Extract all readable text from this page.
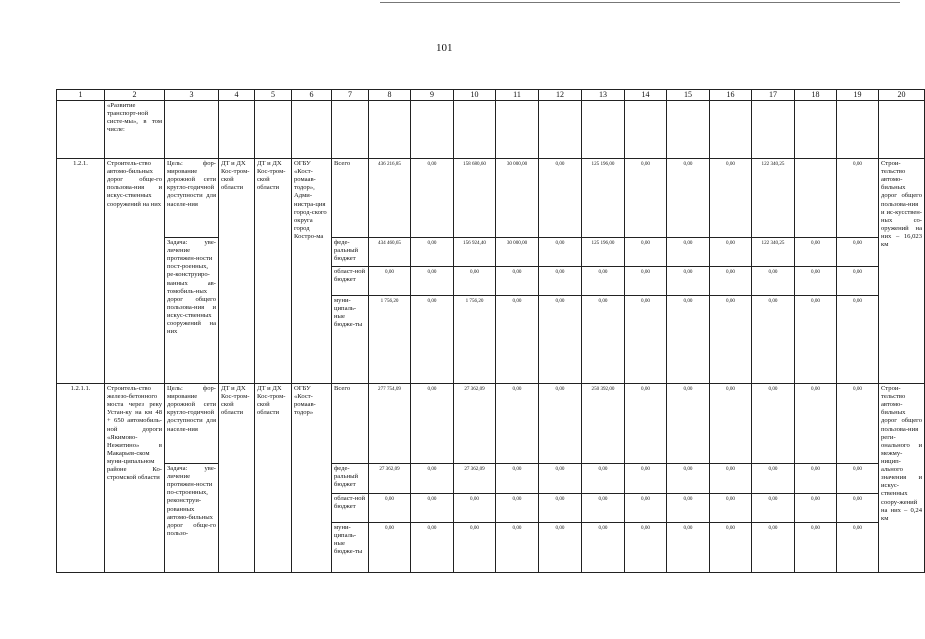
101
1	2	3	4	5	6	7	8	9	10	11	12	13	14	15	16	17	18	19	20
	«Развитие транспорт-ной систе-мы», в том числе:																		
1.2.1.	Строитель-ство автомо-бильных дорог обще-го пользова-ния и искус-ственных сооружений на них	Цель: фор-мирование дорожной сети кругло-годичной доступности для населе-ния	ДТ и ДХ Кос-тром-ской области	ДТ и ДХ Кос-тром-ской области	ОГБУ «Кост-ромаав-тодор», Адми-нистра-ция город-ского округа город Костро-ма	Всего	436 216,85	0,00	158 680,60	30 000,00	0,00	125 196,00	0,00	0,00	0,00	122 340,25		0,00	Строи-тельство автомо-бильных дорог общего пользова-ния и ис-кусствен-ных со-оружений на них – 16,023 км
		Задача: уве-личение протяжен-ности пост-роенных, ре-конструиро-ванных ав-томобиль-ных дорог общего пользова-ния и искус-ственных сооружений на них				феде-ральный бюджет	434 460,65	0,00	156 924,40	30 000,00	0,00	125 196,00	0,00	0,00	0,00	122 340,25	0,00	0,00	
						област-ной бюджет	0,00	0,00	0,00	0,00	0,00	0,00	0,00	0,00	0,00	0,00	0,00	0,00	
						муни-ципаль-ные бюдже-ты	1 756,20	0,00	1 756,20	0,00	0,00	0,00	0,00	0,00	0,00	0,00	0,00	0,00	
1.2.1.1.	Строитель-ство железо-бетонного моста через реку Устан-ку на км 48 + 650 автомобиль-ной дороги «Якимово-Нежитино» в Макарьев-ском муни-ципальном районе Ко-стромской области	Цель: фор-мирование дорожной сети кругло-годичной доступности для населе-ния	ДТ и ДХ Кос-тром-ской области	ДТ и ДХ Кос-тром-ской области	ОГБУ «Кост-ромаав-тодор»	Всего	277 754,09	0,00	27 362,09	0,00	0,00	250 392,00	0,00	0,00	0,00	0,00	0,00	0,00	Строи-тельство автомо-бильных дорог общего пользова-ния реги-онального и межму-ницип-ального значения и искус-ственных соору-жений на них – 0,24 км
		Задача: уве-личение протяжен-ности по-строенных, реконструи-рованных автомо-бильных дорог обще-го пользо-				феде-ральный бюджет	27 362,09	0,00	27 362,09	0,00	0,00	0,00	0,00	0,00	0,00	0,00	0,00	0,00	
						област-ной бюджет	0,00	0,00	0,00	0,00	0,00	0,00	0,00	0,00	0,00	0,00	0,00	0,00	
						муни-ципаль-ные бюдже-ты	0,00	0,00	0,00	0,00	0,00	0,00	0,00	0,00	0,00	0,00	0,00	0,00	
